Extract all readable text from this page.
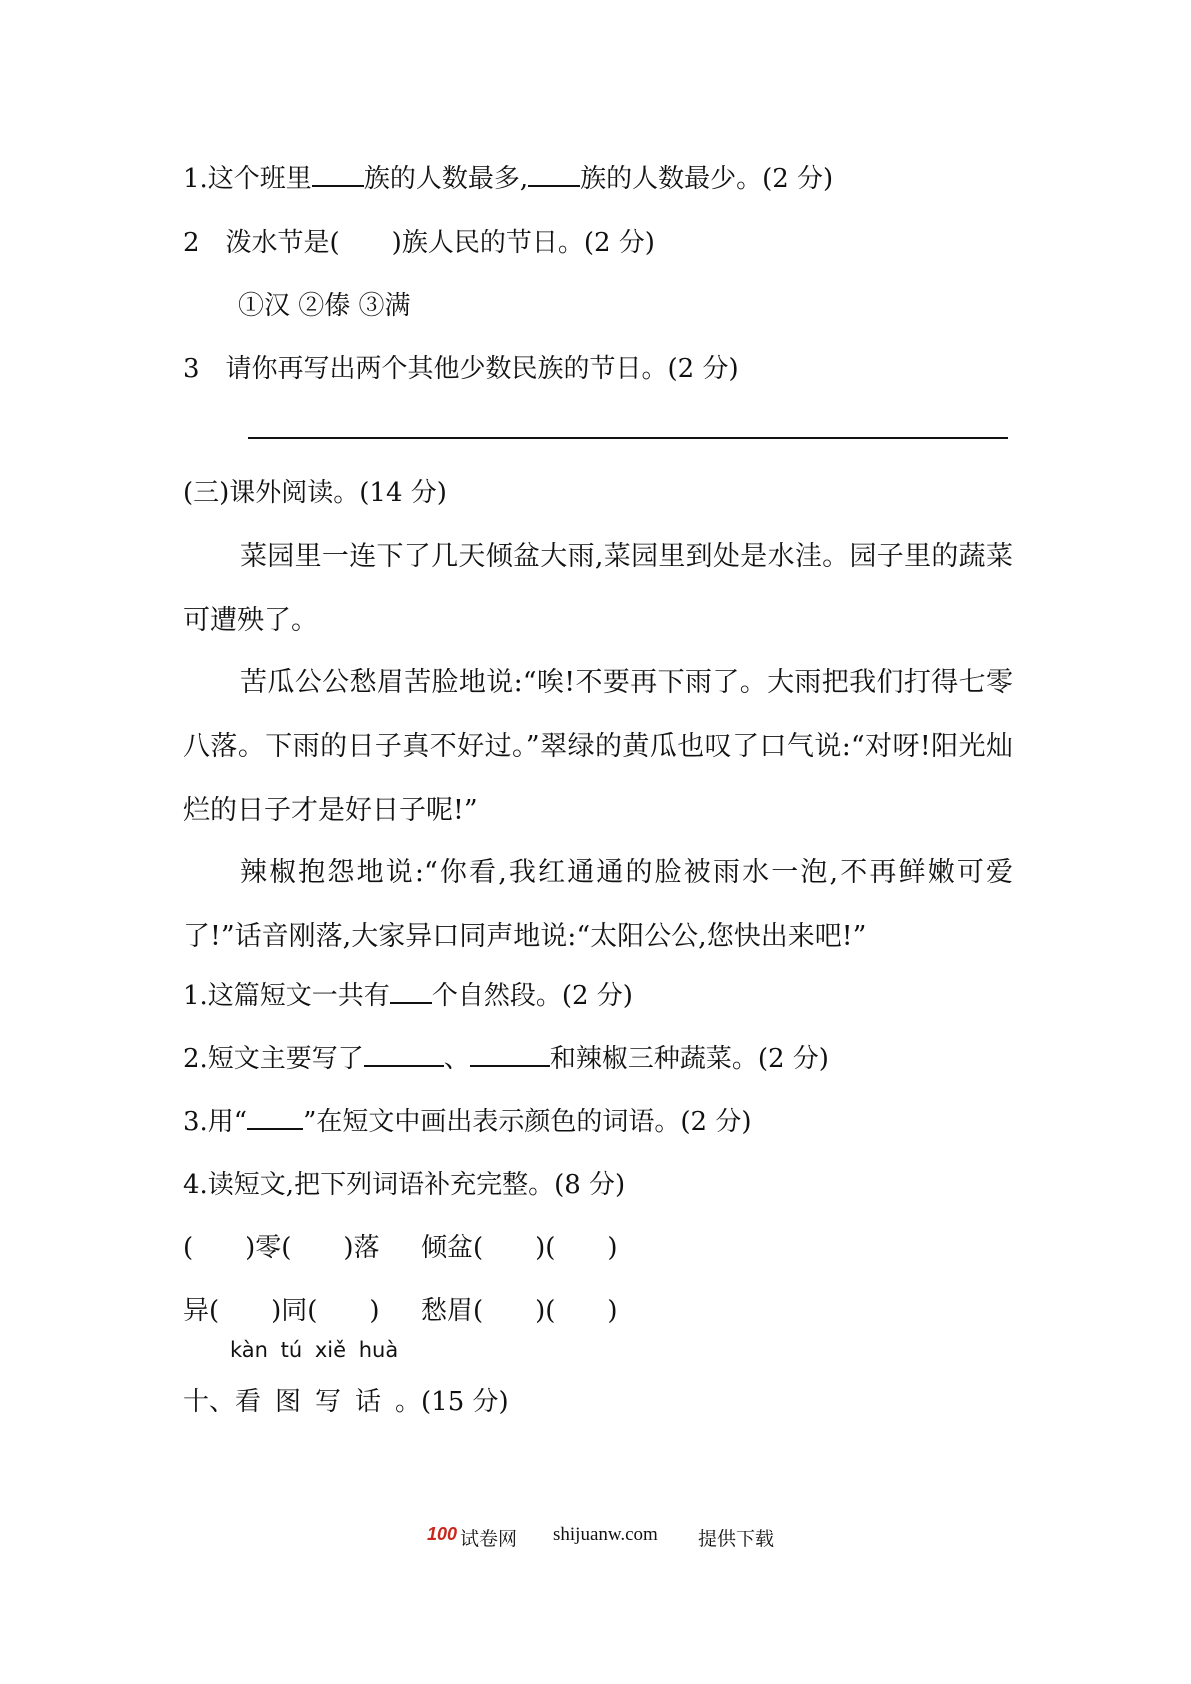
1.这个班里 族的人数最多, 族的人数最少。(2 分)
2　泼水节是(　　)族人民的节日。(2 分)
①汉 ②傣 ③满
3　请你再写出两个其他少数民族的节日。(2 分)
(三)课外阅读。(14 分)
菜园里一连下了几天倾盆大雨,菜园里到处是水洼。园子里的蔬菜可遭殃了。
苦瓜公公愁眉苦脸地说:“唉!不要再下雨了。大雨把我们打得七零八落。下雨的日子真不好过。”翠绿的黄瓜也叹了口气说:“对呀!阳光灿烂的日子才是好日子呢!”
辣椒抱怨地说:“你看,我红通通的脸被雨水一泡,不再鲜嫩可爱了!”话音刚落,大家异口同声地说:“太阳公公,您快出来吧!”
1.这篇短文一共有 个自然段。(2 分)
2.短文主要写了	、	和辣椒三种蔬菜。(2 分)
3.用“ ”在短文中画出表示颜色的词语。(2 分)
4.读短文,把下列词语补充完整。(8 分)
(　　)零(　　)落 倾盆(　　)(　　)
异(　　)同(　　) 愁眉(　　)(　　)
kàn tú xiě huà
十、看图写话。(15 分)
100 试卷网 shijuanw.com 提供下载
